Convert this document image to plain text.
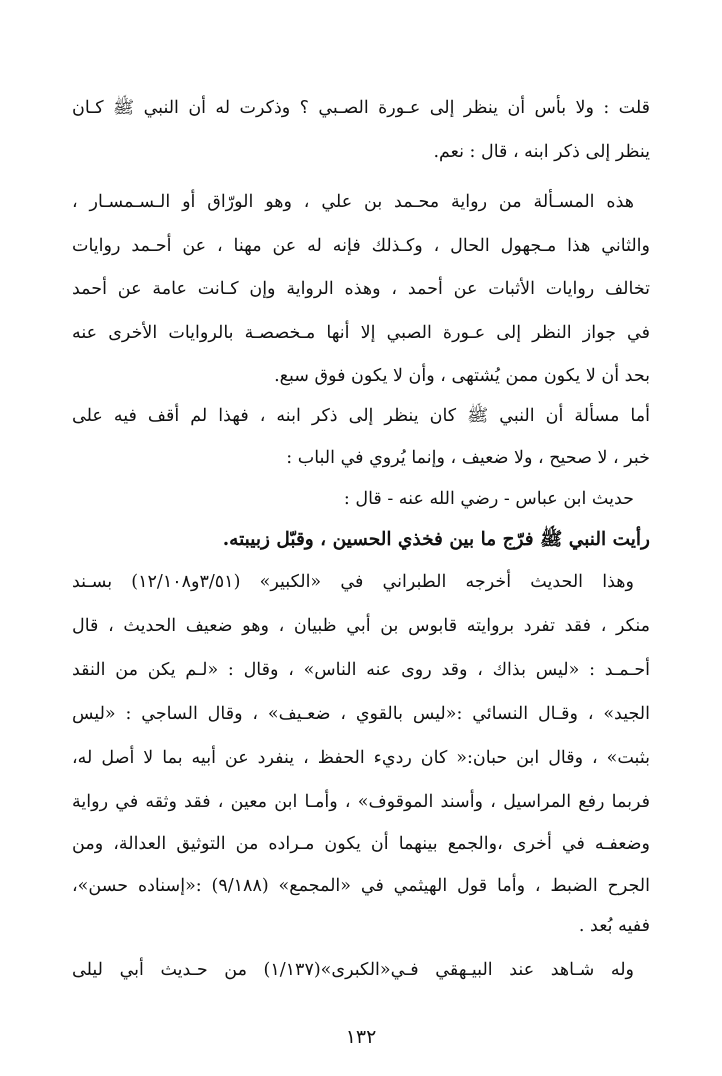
قلت : ولا بأس أن ينظر إلى عـورة الصـبي ؟ وذكرت له أن النبي ﷺ كـان
ينظر إلى ذكر ابنه ، قال : نعم.
هذه المسـألة من رواية محـمد بن علي ، وهو الورّاق أو الـسـمسـار ،
والثاني هذا مـجهول الحال ، وكـذلك فإنه له عن مهنا ، عن أحـمد روايات
تخالف روايات الأثبات عن أحمد ، وهذه الرواية وإن كـانت عامة عن أحمد
في جواز النظر إلى عـورة الصبي إلا أنها مـخصصـة بالروايات الأخرى عنه
بحد أن لا يكون ممن يُشتهى ، وأن لا يكون فوق سبع.
أما مسألة أن النبي ﷺ كان ينظر إلى ذكر ابنه ، فهذا لم أقف فيه على
خبر ، لا صحيح ، ولا ضعيف ، وإنما يُروي في الباب :
حديث ابن عباس - رضي الله عنه - قال :
رأيت النبي ﷺ فرّج ما بين فخذي الحسين ، وقبّل زبيبته.
وهذا الحديث أخرجه الطبراني في «الكبير» (٣/٥١و١٢/١٠٨) بسـند
منكر ، فقد تفرد بروايته قابوس بن أبي ظبيان ، وهو ضعيف الحديث ، قال
أحـمـد : «ليس بذاك ، وقد روى عنه الناس» ، وقال : «لـم يكن من النقد
الجيد» ، وقـال النسائي :«ليس بالقوي ، ضعـيف» ، وقال الساجي : «ليس
بثبت» ، وقال ابن حبان:« كان رديء الحفظ ، ينفرد عن أبيه بما لا أصل له،
فربما رفع المراسيل ، وأسند الموقوف» ، وأمـا ابن معين ، فقد وثقه في رواية
وضعفـه في أخرى ،والجمع بينهما أن يكون مـراده من التوثيق العدالة، ومن
الجرح الضبط ، وأما قول الهيثمي في «المجمع» (٩/١٨٨) :«إسناده حسن»،
ففيه بُعد .
وله شـاهد عند البيـهقي فـي«الكبرى»(١/١٣٧) من حـديث أبي ليلى
١٣٢
